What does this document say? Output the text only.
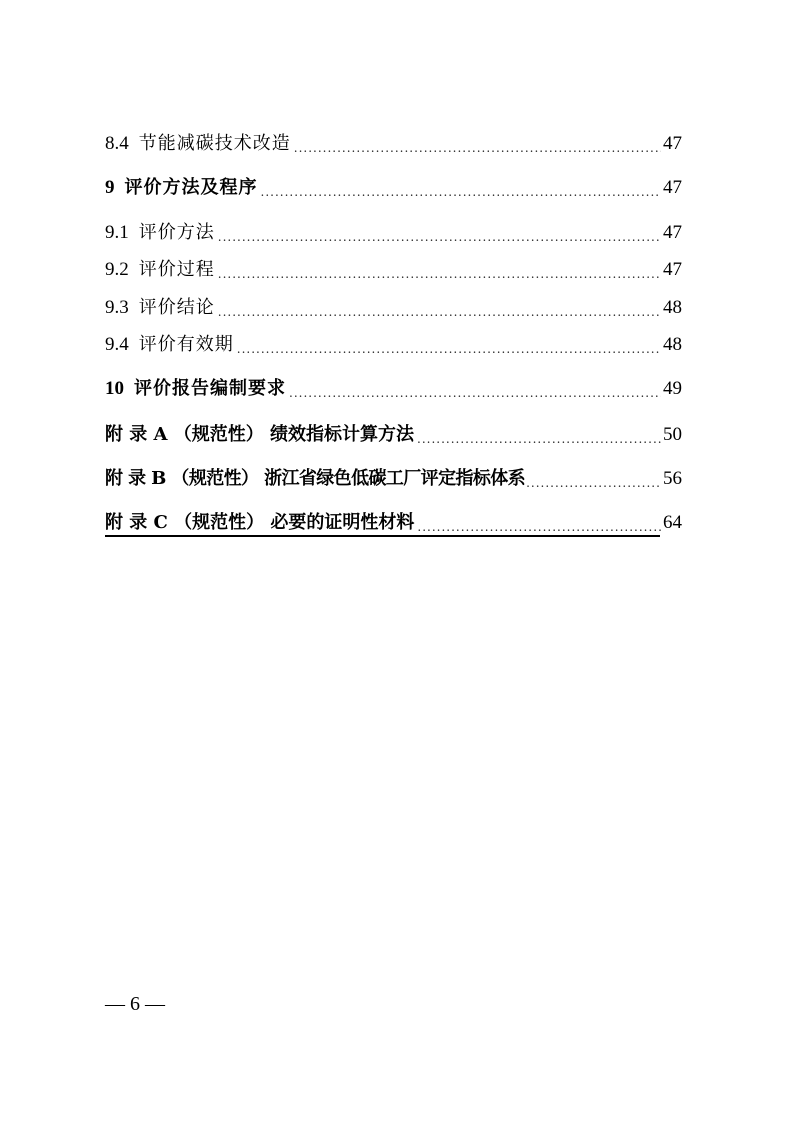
8.4 节能减碳技术改造 .....	47
9 评价方法及程序 .....	47
9.1 评价方法 .....	47
9.2 评价过程 .....	47
9.3 评价结论 .....	48
9.4 评价有效期 .....	48
10 评价报告编制要求 .....	49
附 录 A （规范性） 绩效指标计算方法 .....	50
附 录 B （规范性） 浙江省绿色低碳工厂评定指标体系 .....	56
附 录 C （规范性） 必要的证明性材料 .....	64
— 6 —
